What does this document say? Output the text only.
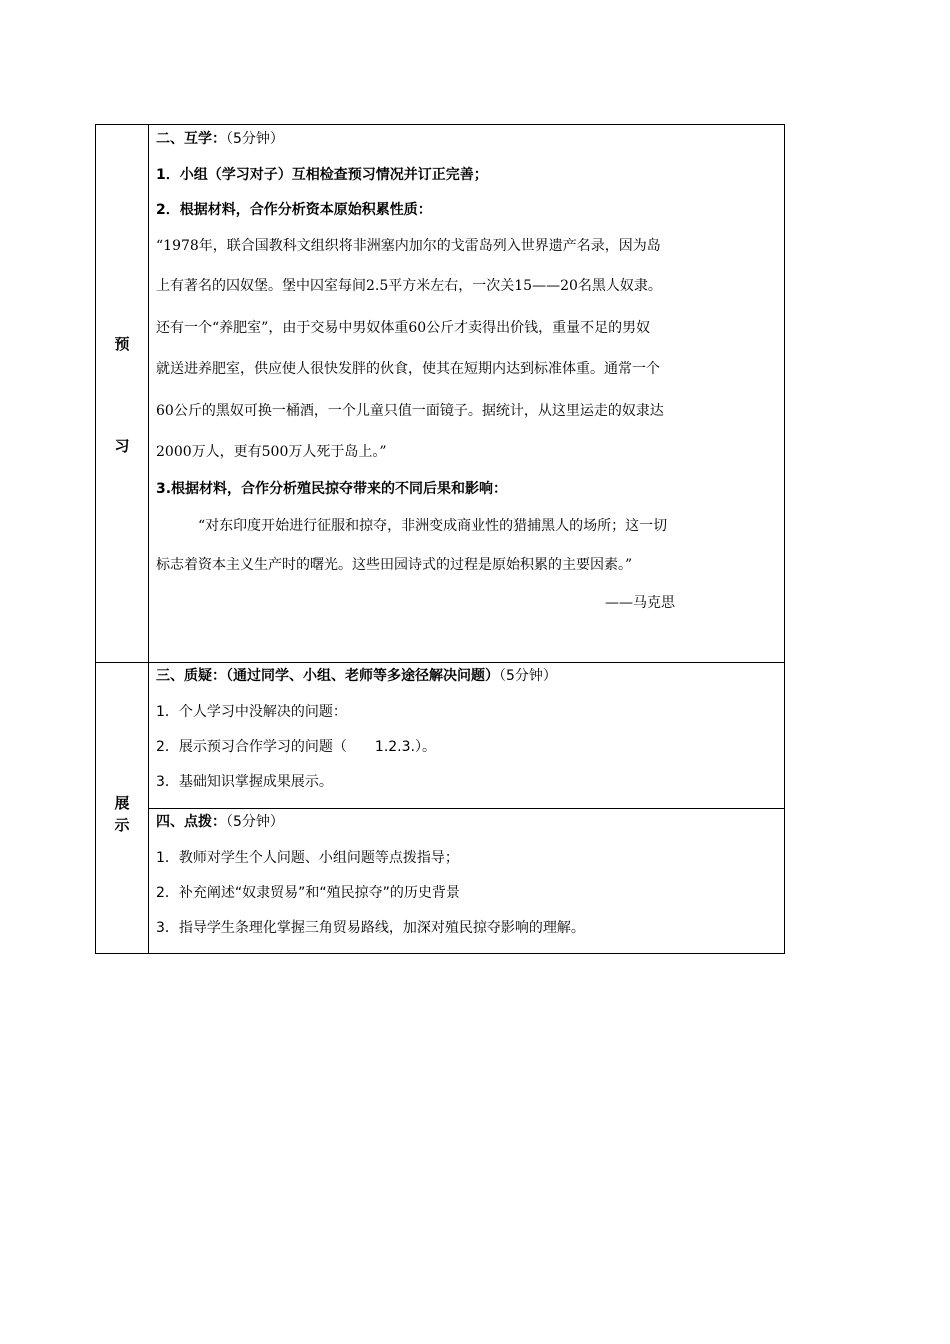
预
习
展
示
二、互学：（5分钟）
1．小组（学习对子）互相检查预习情况并订正完善；
2．根据材料，合作分析资本原始积累性质：
“1978年，联合国教科文组织将非洲塞内加尔的戈雷岛列入世界遗产名录，因为岛
上有著名的囚奴堡。堡中囚室每间2.5平方米左右，一次关15——20名黑人奴隶。
还有一个“养肥室”，由于交易中男奴体重60公斤才卖得出价钱，重量不足的男奴
就送进养肥室，供应使人很快发胖的伙食，使其在短期内达到标准体重。通常一个
60公斤的黑奴可换一桶酒，一个儿童只值一面镜子。据统计，从这里运走的奴隶达
2000万人，更有500万人死于岛上。”
3.根据材料，合作分析殖民掠夺带来的不同后果和影响：
“对东印度开始进行征服和掠夺，非洲变成商业性的猎捕黑人的场所；这一切
标志着资本主义生产时的曙光。这些田园诗式的过程是原始积累的主要因素。”
——马克思
三、质疑：（通过同学、小组、老师等多途径解决问题）（5分钟）
1．个人学习中没解决的问题：
2．展示预习合作学习的问题（　　1.2.3.）。
3．基础知识掌握成果展示。
四、点拨：（5分钟）
1．教师对学生个人问题、小组问题等点拨指导；
2．补充阐述“奴隶贸易”和“殖民掠夺”的历史背景
3．指导学生条理化掌握三角贸易路线，加深对殖民掠夺影响的理解。
